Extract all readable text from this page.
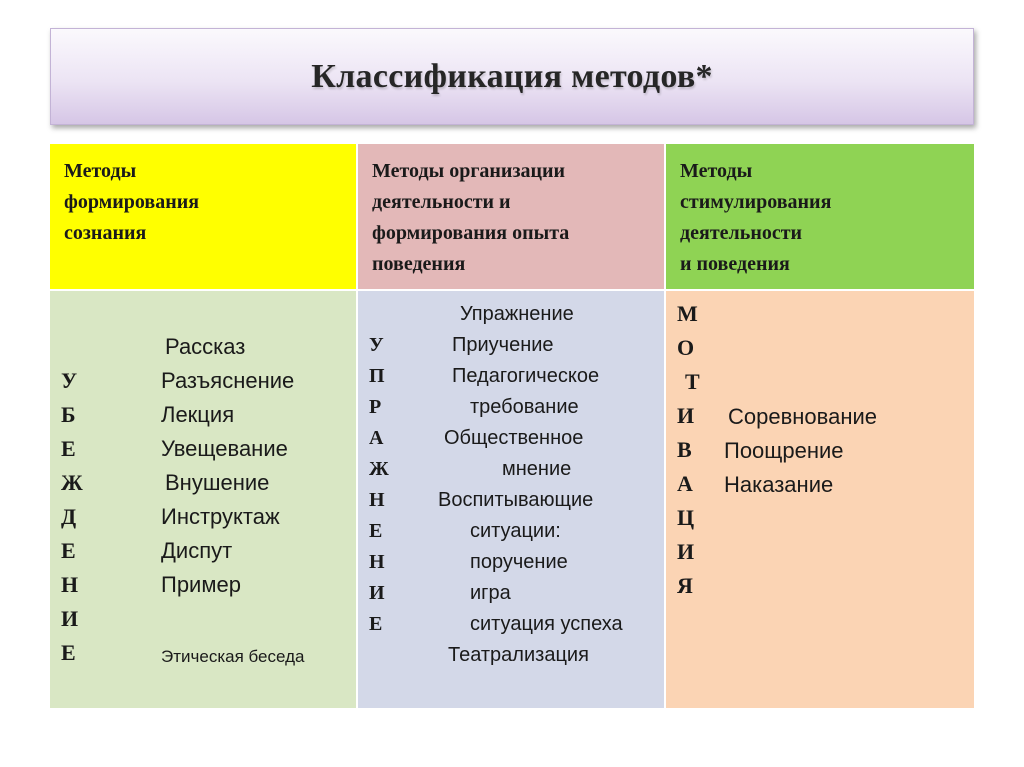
Классификация методов*
Методы
формирования
сознания
Методы организации
деятельности и
формирования опыта
поведения
Методы
стимулирования
деятельности
и поведения
У
Б
Е
Ж
Д
Е
Н
И
Е
Рассказ
Разъяснение
Лекция
Увещевание
Внушение
Инструктаж
Диспут
Пример
Этическая беседа
У
П
Р
А
Ж
Н
Е
Н
И
Е
Упражнение
Приучение
Педагогическое
требование
Общественное
мнение
Воспитывающие
ситуации:
поручение
игра
ситуация успеха
Театрализация
М
О
Т
И
В
А
Ц
И
Я
Соревнование
Поощрение
Наказание
